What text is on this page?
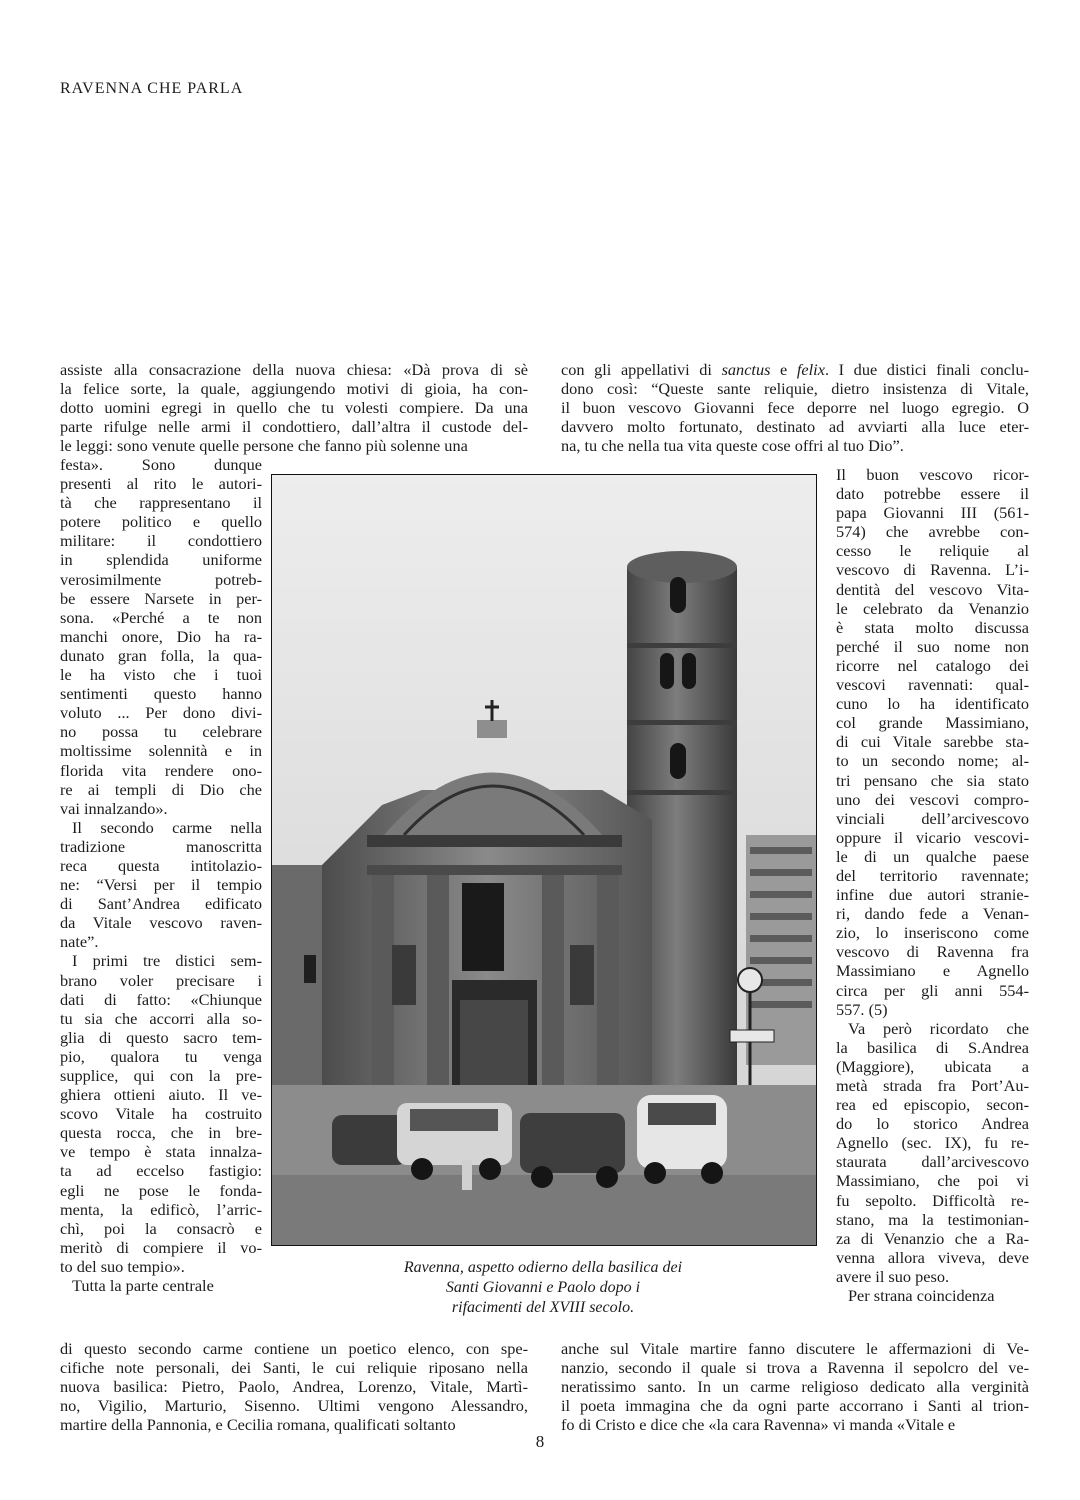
RAVENNA CHE PARLA
assiste alla consacrazione della nuova chiesa: «Dà prova di sè
la felice sorte, la quale, aggiungendo motivi di gioia, ha con-
dotto uomini egregi in quello che tu volesti compiere. Da una
parte rifulge nelle armi il condottiero, dall’altra il custode del-
le leggi: sono venute quelle persone che fanno più solenne una
con gli appellativi di sanctus e felix. I due distici finali conclu-
dono così: “Queste sante reliquie, dietro insistenza di Vitale,
il buon vescovo Giovanni fece deporre nel luogo egregio. O
davvero molto fortunato, destinato ad avviarti alla luce eter-
na, tu che nella tua vita queste cose offri al tuo Dio”.
festa». Sono dunque
presenti al rito le autori-
tà che rappresentano il
potere politico e quello
militare: il condottiero
in splendida uniforme
verosimilmente potreb-
be essere Narsete in per-
sona. «Perché a te non
manchi onore, Dio ha ra-
dunato gran folla, la qua-
le ha visto che i tuoi
sentimenti questo hanno
voluto ... Per dono divi-
no possa tu celebrare
moltissime solennità e in
florida vita rendere ono-
re ai templi di Dio che
vai innalzando».
Il secondo carme nella
tradizione manoscritta
reca questa intitolazio-
ne: “Versi per il tempio
di Sant’Andrea edificato
da Vitale vescovo raven-
nate”.
I primi tre distici sem-
brano voler precisare i
dati di fatto: «Chiunque
tu sia che accorri alla so-
glia di questo sacro tem-
pio, qualora tu venga
supplice, qui con la pre-
ghiera ottieni aiuto. Il ve-
scovo Vitale ha costruito
questa rocca, che in bre-
ve tempo è stata innalza-
ta ad eccelso fastigio:
egli ne pose le fonda-
menta, la edificò, l’arric-
chì, poi la consacrò e
meritò di compiere il vo-
to del suo tempio».
Tutta la parte centrale
Il buon vescovo ricor-
dato potrebbe essere il
papa Giovanni III (561-
574) che avrebbe con-
cesso le reliquie al
vescovo di Ravenna. L’i-
dentità del vescovo Vita-
le celebrato da Venanzio
è stata molto discussa
perché il suo nome non
ricorre nel catalogo dei
vescovi ravennati: qual-
cuno lo ha identificato
col grande Massimiano,
di cui Vitale sarebbe sta-
to un secondo nome; al-
tri pensano che sia stato
uno dei vescovi compro-
vinciali dell’arcivescovo
oppure il vicario vescovi-
le di un qualche paese
del territorio ravennate;
infine due autori stranie-
ri, dando fede a Venan-
zio, lo inseriscono come
vescovo di Ravenna fra
Massimiano e Agnello
circa per gli anni 554-
557. (5)
Va però ricordato che
la basilica di S.Andrea
(Maggiore), ubicata a
metà strada fra Port’Au-
rea ed episcopio, secon-
do lo storico Andrea
Agnello (sec. IX), fu re-
staurata dall’arcivescovo
Massimiano, che poi vi
fu sepolto. Difficoltà re-
stano, ma la testimonian-
za di Venanzio che a Ra-
venna allora viveva, deve
avere il suo peso.
Per strana coincidenza
di questo secondo carme contiene un poetico elenco, con spe-
cifiche note personali, dei Santi, le cui reliquie riposano nella
nuova basilica: Pietro, Paolo, Andrea, Lorenzo, Vitale, Martì-
no, Vigilio, Marturio, Sisenno. Ultimi vengono Alessandro,
martire della Pannonia, e Cecilia romana, qualificati soltanto
anche sul Vitale martire fanno discutere le affermazioni di Ve-
nanzio, secondo il quale si trova a Ravenna il sepolcro del ve-
neratissimo santo. In un carme religioso dedicato alla verginità
il poeta immagina che da ogni parte accorrano i Santi al trion-
fo di Cristo e dice che «la cara Ravenna» vi manda «Vitale e
Ravenna, aspetto odierno della basilica dei
Santi Giovanni e Paolo dopo i
rifacimenti del XVIII secolo.
8
